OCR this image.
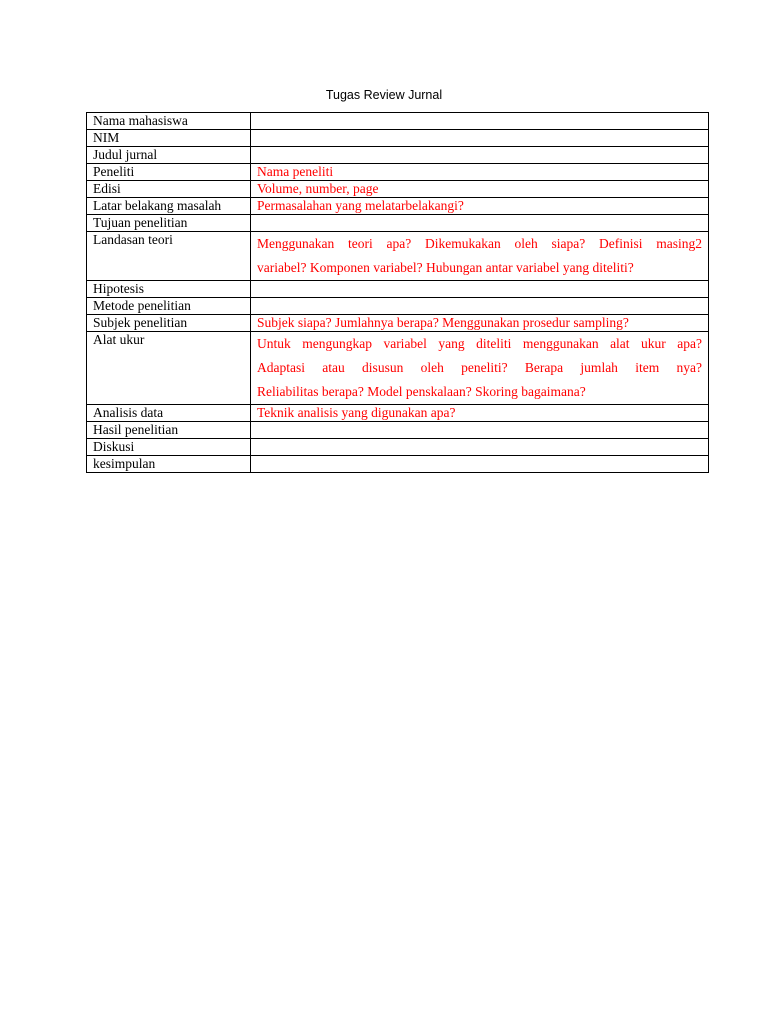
Tugas Review Jurnal
Nama mahasiswa	
NIM	
Judul jurnal	
Peneliti	Nama peneliti
Edisi	Volume, number, page
Latar belakang masalah	Permasalahan yang melatarbelakangi?
Tujuan penelitian	
Landasan teori	Menggunakan teori apa? Dikemukakan oleh siapa? Definisi masing2
variabel? Komponen variabel? Hubungan antar variabel yang diteliti?

Hipotesis	
Metode penelitian	
Subjek penelitian	Subjek siapa? Jumlahnya berapa? Menggunakan prosedur sampling?
Alat ukur	Untuk mengungkap variabel yang diteliti menggunakan alat ukur apa?
Adaptasi atau disusun oleh peneliti? Berapa jumlah item nya?
Reliabilitas berapa? Model penskalaan? Skoring bagaimana?

Analisis data	Teknik analisis yang digunakan apa?
Hasil penelitian	
Diskusi	
kesimpulan	
